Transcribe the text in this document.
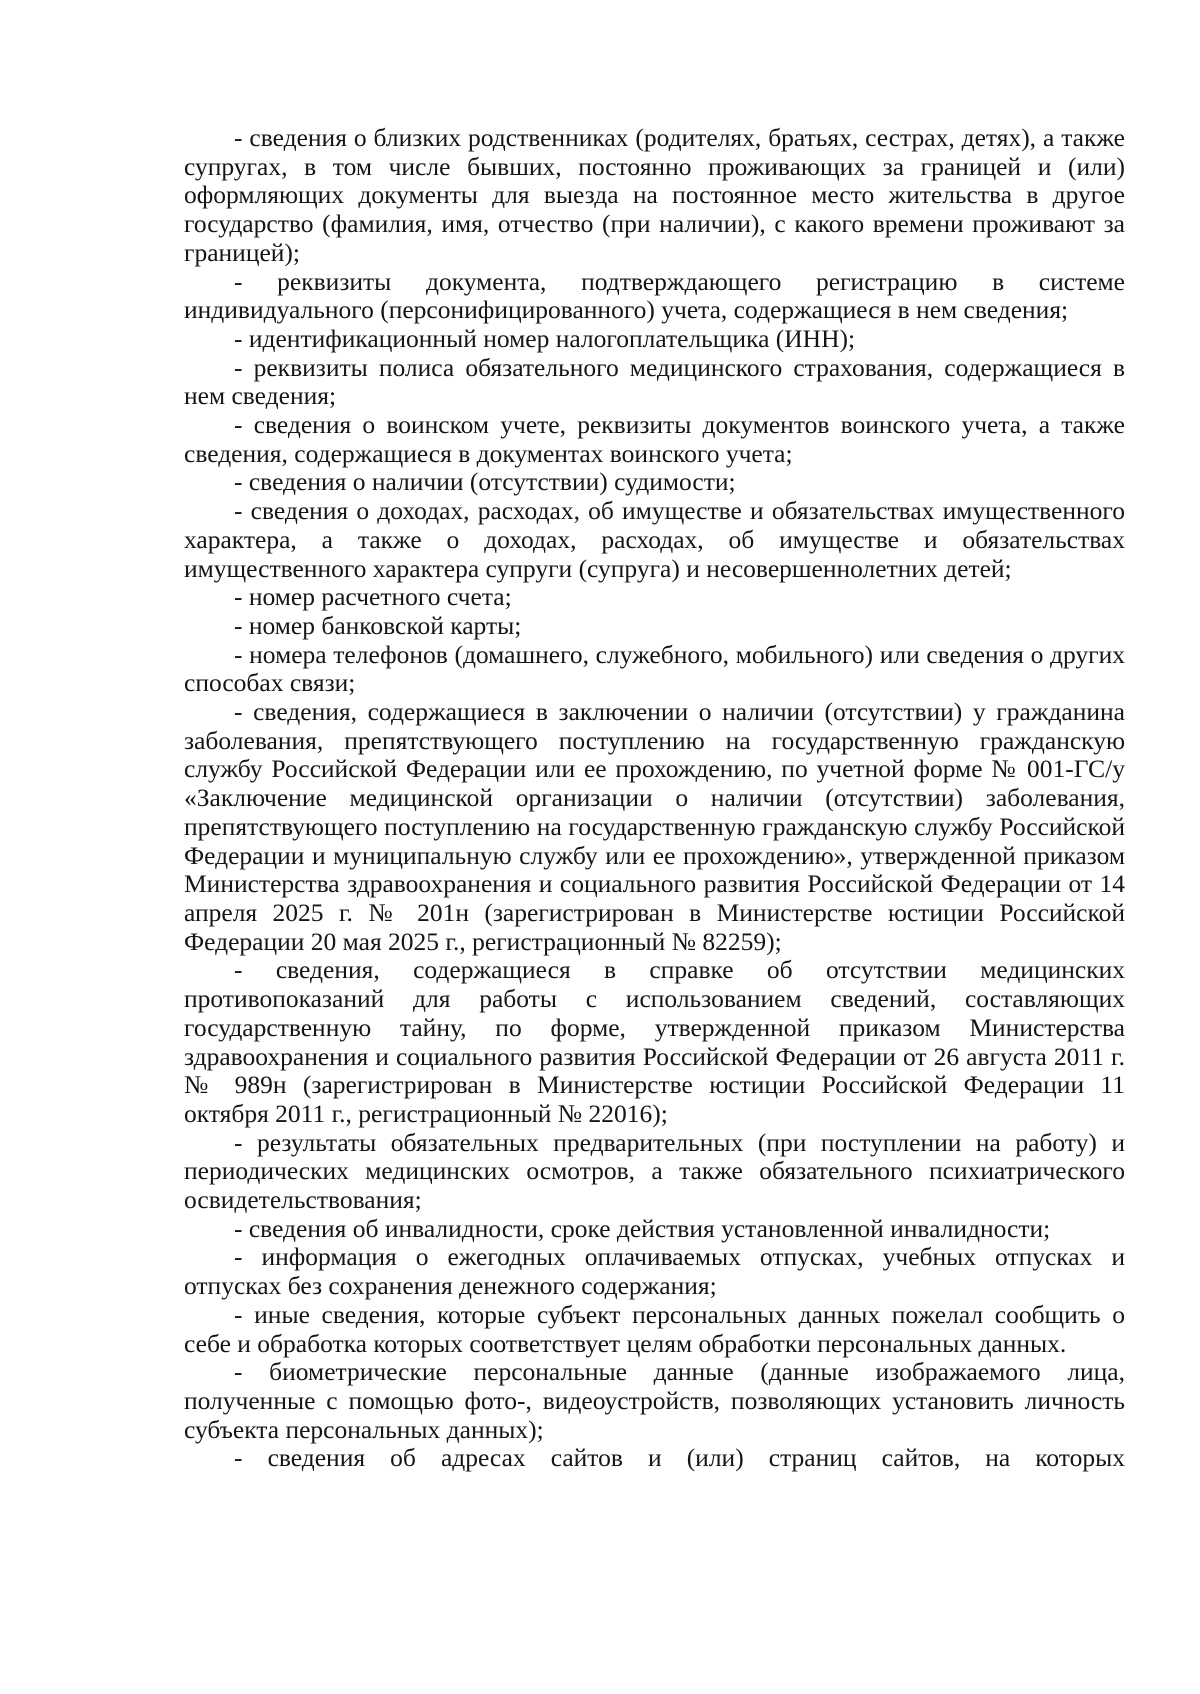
- сведения о близких родственниках (родителях, братьях, сестрах, детях), а также супругах, в том числе бывших, постоянно проживающих за границей и (или) оформляющих документы для выезда на постоянное место жительства в другое государство (фамилия, имя, отчество (при наличии), с какого времени проживают за границей);

- реквизиты документа, подтверждающего регистрацию в системе индивидуального (персонифицированного) учета, содержащиеся в нем сведения;

- идентификационный номер налогоплательщика (ИНН);

- реквизиты полиса обязательного медицинского страхования, содержащиеся в нем сведения;

- сведения о воинском учете, реквизиты документов воинского учета, а также сведения, содержащиеся в документах воинского учета;

- сведения о наличии (отсутствии) судимости;

- сведения о доходах, расходах, об имуществе и обязательствах имущественного характера, а также о доходах, расходах, об имуществе и обязательствах имущественного характера супруги (супруга) и несовершеннолетних детей;

- номер расчетного счета;

- номер банковской карты;

- номера телефонов (домашнего, служебного, мобильного) или сведения о других способах связи;

- сведения, содержащиеся в заключении о наличии (отсутствии) у гражданина заболевания, препятствующего поступлению на государственную гражданскую службу Российской Федерации или ее прохождению, по учетной форме № 001-ГС/у «Заключение медицинской организации о наличии (отсутствии) заболевания, препятствующего поступлению на государственную гражданскую службу Российской Федерации и муниципальную службу или ее прохождению», утвержденной приказом Министерства здравоохранения и социального развития Российской Федерации от 14 апреля 2025 г. № 201н (зарегистрирован в Министерстве юстиции Российской Федерации 20 мая 2025 г., регистрационный № 82259);

- сведения, содержащиеся в справке об отсутствии медицинских противопоказаний для работы с использованием сведений, составляющих государственную тайну, по форме, утвержденной приказом Министерства здравоохранения и социального развития Российской Федерации от 26 августа 2011 г. № 989н (зарегистрирован в Министерстве юстиции Российской Федерации 11 октября 2011 г., регистрационный № 22016);

- результаты обязательных предварительных (при поступлении на работу) и периодических медицинских осмотров, а также обязательного психиатрического освидетельствования;

- сведения об инвалидности, сроке действия установленной инвалидности;

- информация о ежегодных оплачиваемых отпусках, учебных отпусках и отпусках без сохранения денежного содержания;

- иные сведения, которые субъект персональных данных пожелал сообщить о себе и обработка которых соответствует целям обработки персональных данных.

- биометрические персональные данные (данные изображаемого лица, полученные с помощью фото-, видеоустройств, позволяющих установить личность субъекта персональных данных);

- сведения об адресах сайтов и (или) страниц сайтов, на которых
